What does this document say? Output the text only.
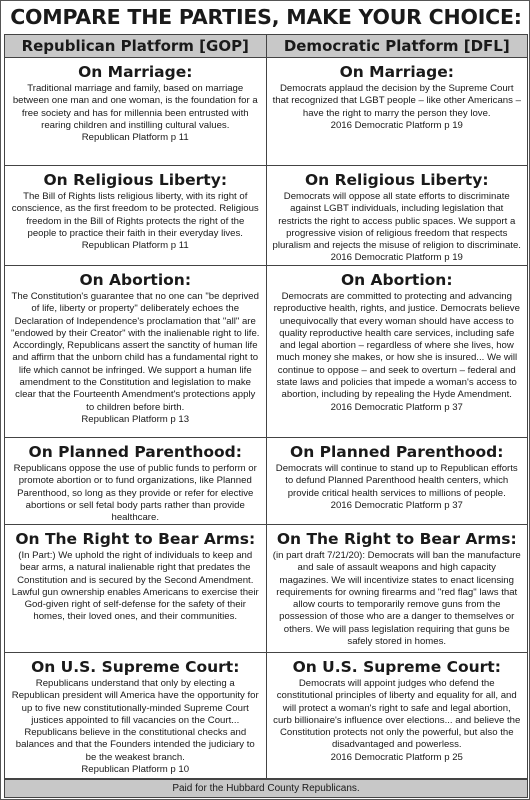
COMPARE THE PARTIES, MAKE YOUR CHOICE:
Republican Platform [GOP]	Democratic Platform [DFL]
On Marriage:

Traditional marriage and family, based on marriage between one man and one woman, is the foundation for a free society and has for millennia been entrusted with rearing children and instilling cultural values.

Republican Platform p 11
On Marriage:

Democrats applaud the decision by the Supreme Court that recognized that LGBT people – like other Americans – have the right to marry the person they love.

2016 Democratic Platform p 19
On Religious Liberty:

The Bill of Rights lists religious liberty, with its right of conscience, as the first freedom to be protected. Religious freedom in the Bill of Rights protects the right of the people to practice their faith in their everyday lives.

Republican Platform p 11
On Religious Liberty:

Democrats will oppose all state efforts to discriminate against LGBT individuals, including legislation that restricts the right to access public spaces. We support a progressive vision of religious freedom that respects pluralism and rejects the misuse of religion to discriminate.

2016 Democratic Platform p 19
On Abortion:

The Constitution's guarantee that no one can "be deprived of life, liberty or property" deliberately echoes the Declaration of Independence's proclamation that "all" are "endowed by their Creator" with the inalienable right to life. Accordingly, Republicans assert the sanctity of human life and affirm that the unborn child has a fundamental right to life which cannot be infringed. We support a human life amendment to the Constitution and legislation to make clear that the Fourteenth Amendment's protections apply to children before birth.

Republican Platform p 13
On Abortion:

Democrats are committed to protecting and advancing reproductive health, rights, and justice. Democrats believe unequivocally that every woman should have access to quality reproductive health care services, including safe and legal abortion – regardless of where she lives, how much money she makes, or how she is insured... We will continue to oppose – and seek to overturn – federal and state laws and policies that impede a woman's access to abortion, including by repealing the Hyde Amendment.

2016 Democratic Platform p 37
On Planned Parenthood:

Republicans oppose the use of public funds to perform or promote abortion or to fund organizations, like Planned Parenthood, so long as they provide or refer for elective abortions or sell fetal body parts rather than provide healthcare.

On Planned Parenthood:

Democrats will continue to stand up to Republican efforts to defund Planned Parenthood health centers, which provide critical health services to millions of people.

2016 Democratic Platform p 37
On The Right to Bear Arms:

(In Part:) We uphold the right of individuals to keep and bear arms, a natural inalienable right that predates the Constitution and is secured by the Second Amendment. Lawful gun ownership enables Americans to exercise their God-given right of self-defense for the safety of their homes, their loved ones, and their communities.

On The Right to Bear Arms:

(in part draft 7/21/20): Democrats will ban the manufacture and sale of assault weapons and high capacity magazines. We will incentivize states to enact licensing requirements for owning firearms and "red flag" laws that allow courts to temporarily remove guns from the possession of those who are a danger to themselves or others. We will pass legislation requiring that guns be safely stored in homes.

On U.S. Supreme Court:

Republicans understand that only by electing a Republican president will America have the opportunity for up to five new constitutionally-minded Supreme Court justices appointed to fill vacancies on the Court... Republicans believe in the constitutional checks and balances and that the Founders intended the judiciary to be the weakest branch.

Republican Platform p 10
On U.S. Supreme Court:

Democrats will appoint judges who defend the constitutional principles of liberty and equality for all, and will protect a woman's right to safe and legal abortion, curb billionaire's influence over elections... and believe the Constitution protects not only the powerful, but also the disadvantaged and powerless.

2016 Democratic Platform p 25
Paid for the Hubbard County Republicans.
